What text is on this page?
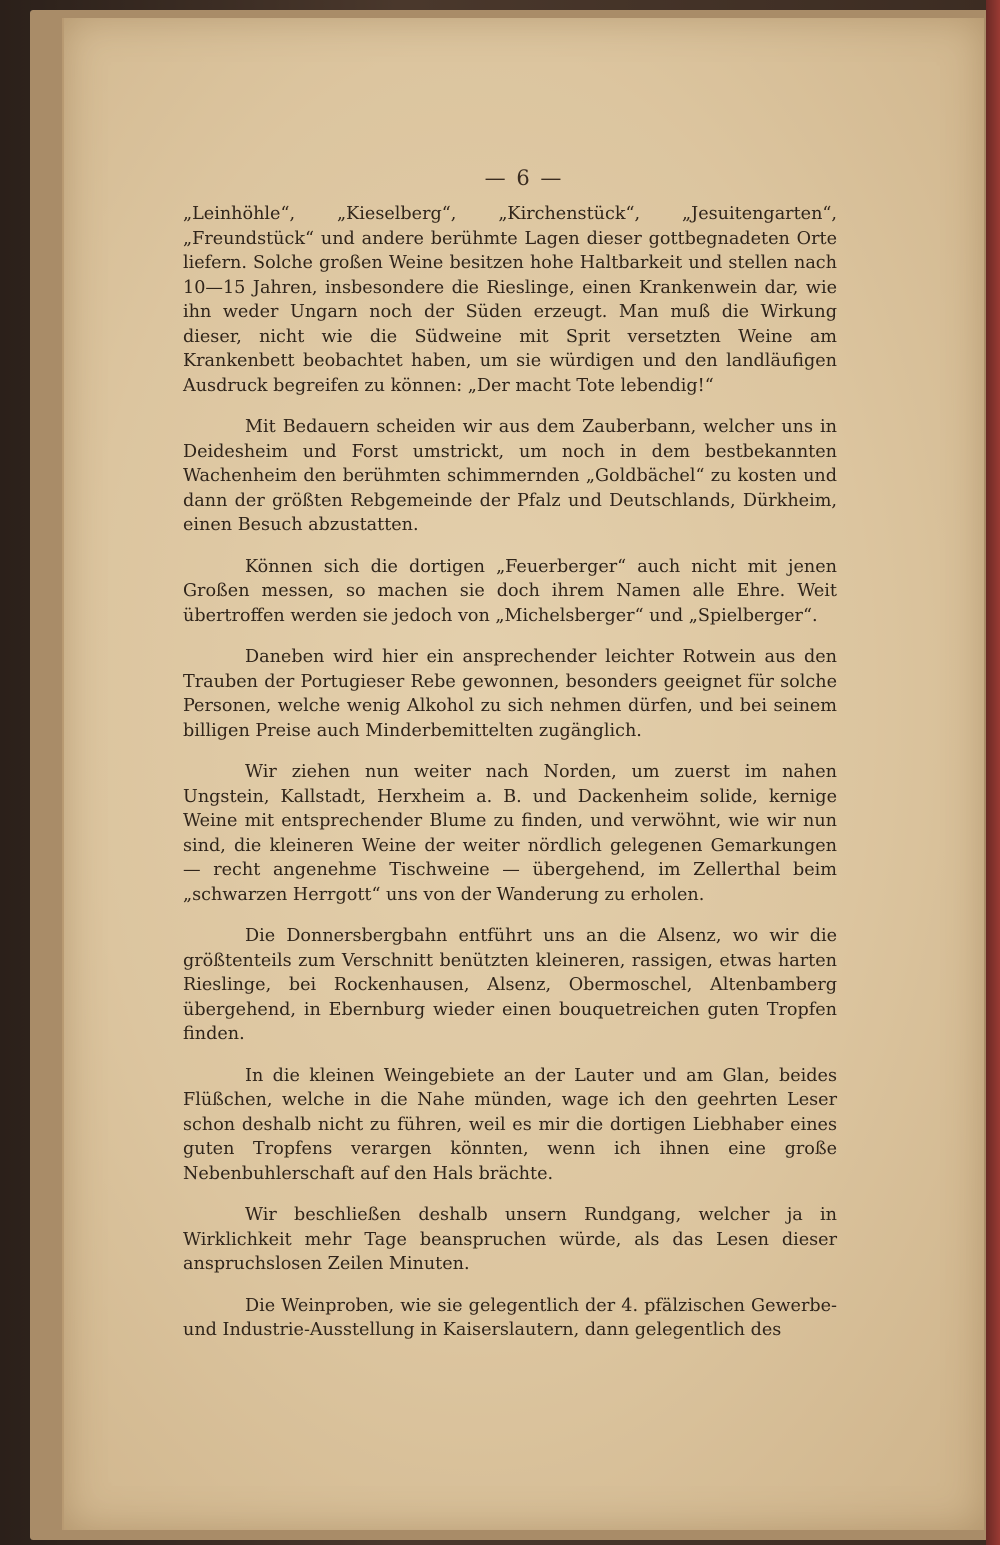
— 6 —

„Leinhöhle“, „Kieselberg“, „Kirchenstück“, „Jesuitengarten“, „Freundstück“ und andere berühmte Lagen dieser gottbegnadeten Orte liefern. Solche großen Weine besitzen hohe Haltbarkeit und stellen nach 10—15 Jahren, insbesondere die Rieslinge, einen Krankenwein dar, wie ihn weder Ungarn noch der Süden erzeugt. Man muß die Wirkung dieser, nicht wie die Südweine mit Sprit versetzten Weine am Krankenbett beobachtet haben, um sie würdigen und den landläufigen Ausdruck begreifen zu können: „Der macht Tote lebendig!“

Mit Bedauern scheiden wir aus dem Zauberbann, welcher uns in Deidesheim und Forst umstrickt, um noch in dem bestbekannten Wachenheim den berühmten schimmernden „Goldbächel“ zu kosten und dann der größten Rebgemeinde der Pfalz und Deutschlands, Dürkheim, einen Besuch abzustatten.

Können sich die dortigen „Feuerberger“ auch nicht mit jenen Großen messen, so machen sie doch ihrem Namen alle Ehre. Weit übertroffen werden sie jedoch von „Michelsberger“ und „Spielberger“.

Daneben wird hier ein ansprechender leichter Rotwein aus den Trauben der Portugieser Rebe gewonnen, besonders geeignet für solche Personen, welche wenig Alkohol zu sich nehmen dürfen, und bei seinem billigen Preise auch Minderbemittelten zugänglich.

Wir ziehen nun weiter nach Norden, um zuerst im nahen Ungstein, Kallstadt, Herxheim a. B. und Dackenheim solide, kernige Weine mit entsprechender Blume zu finden, und verwöhnt, wie wir nun sind, die kleineren Weine der weiter nördlich gelegenen Gemarkungen — recht angenehme Tischweine — übergehend, im Zellerthal beim „schwarzen Herrgott“ uns von der Wanderung zu erholen.

Die Donnersbergbahn entführt uns an die Alsenz, wo wir die größtenteils zum Verschnitt benützten kleineren, rassigen, etwas harten Rieslinge, bei Rockenhausen, Alsenz, Obermoschel, Altenbamberg übergehend, in Ebernburg wieder einen bouquetreichen guten Tropfen finden.

In die kleinen Weingebiete an der Lauter und am Glan, beides Flüßchen, welche in die Nahe münden, wage ich den geehrten Leser schon deshalb nicht zu führen, weil es mir die dortigen Liebhaber eines guten Tropfens verargen könnten, wenn ich ihnen eine große Nebenbuhlerschaft auf den Hals brächte.

Wir beschließen deshalb unsern Rundgang, welcher ja in Wirklichkeit mehr Tage beanspruchen würde, als das Lesen dieser anspruchslosen Zeilen Minuten.

Die Weinproben, wie sie gelegentlich der 4. pfälzischen Gewerbe- und Industrie-Ausstellung in Kaiserslautern, dann gelegentlich des
